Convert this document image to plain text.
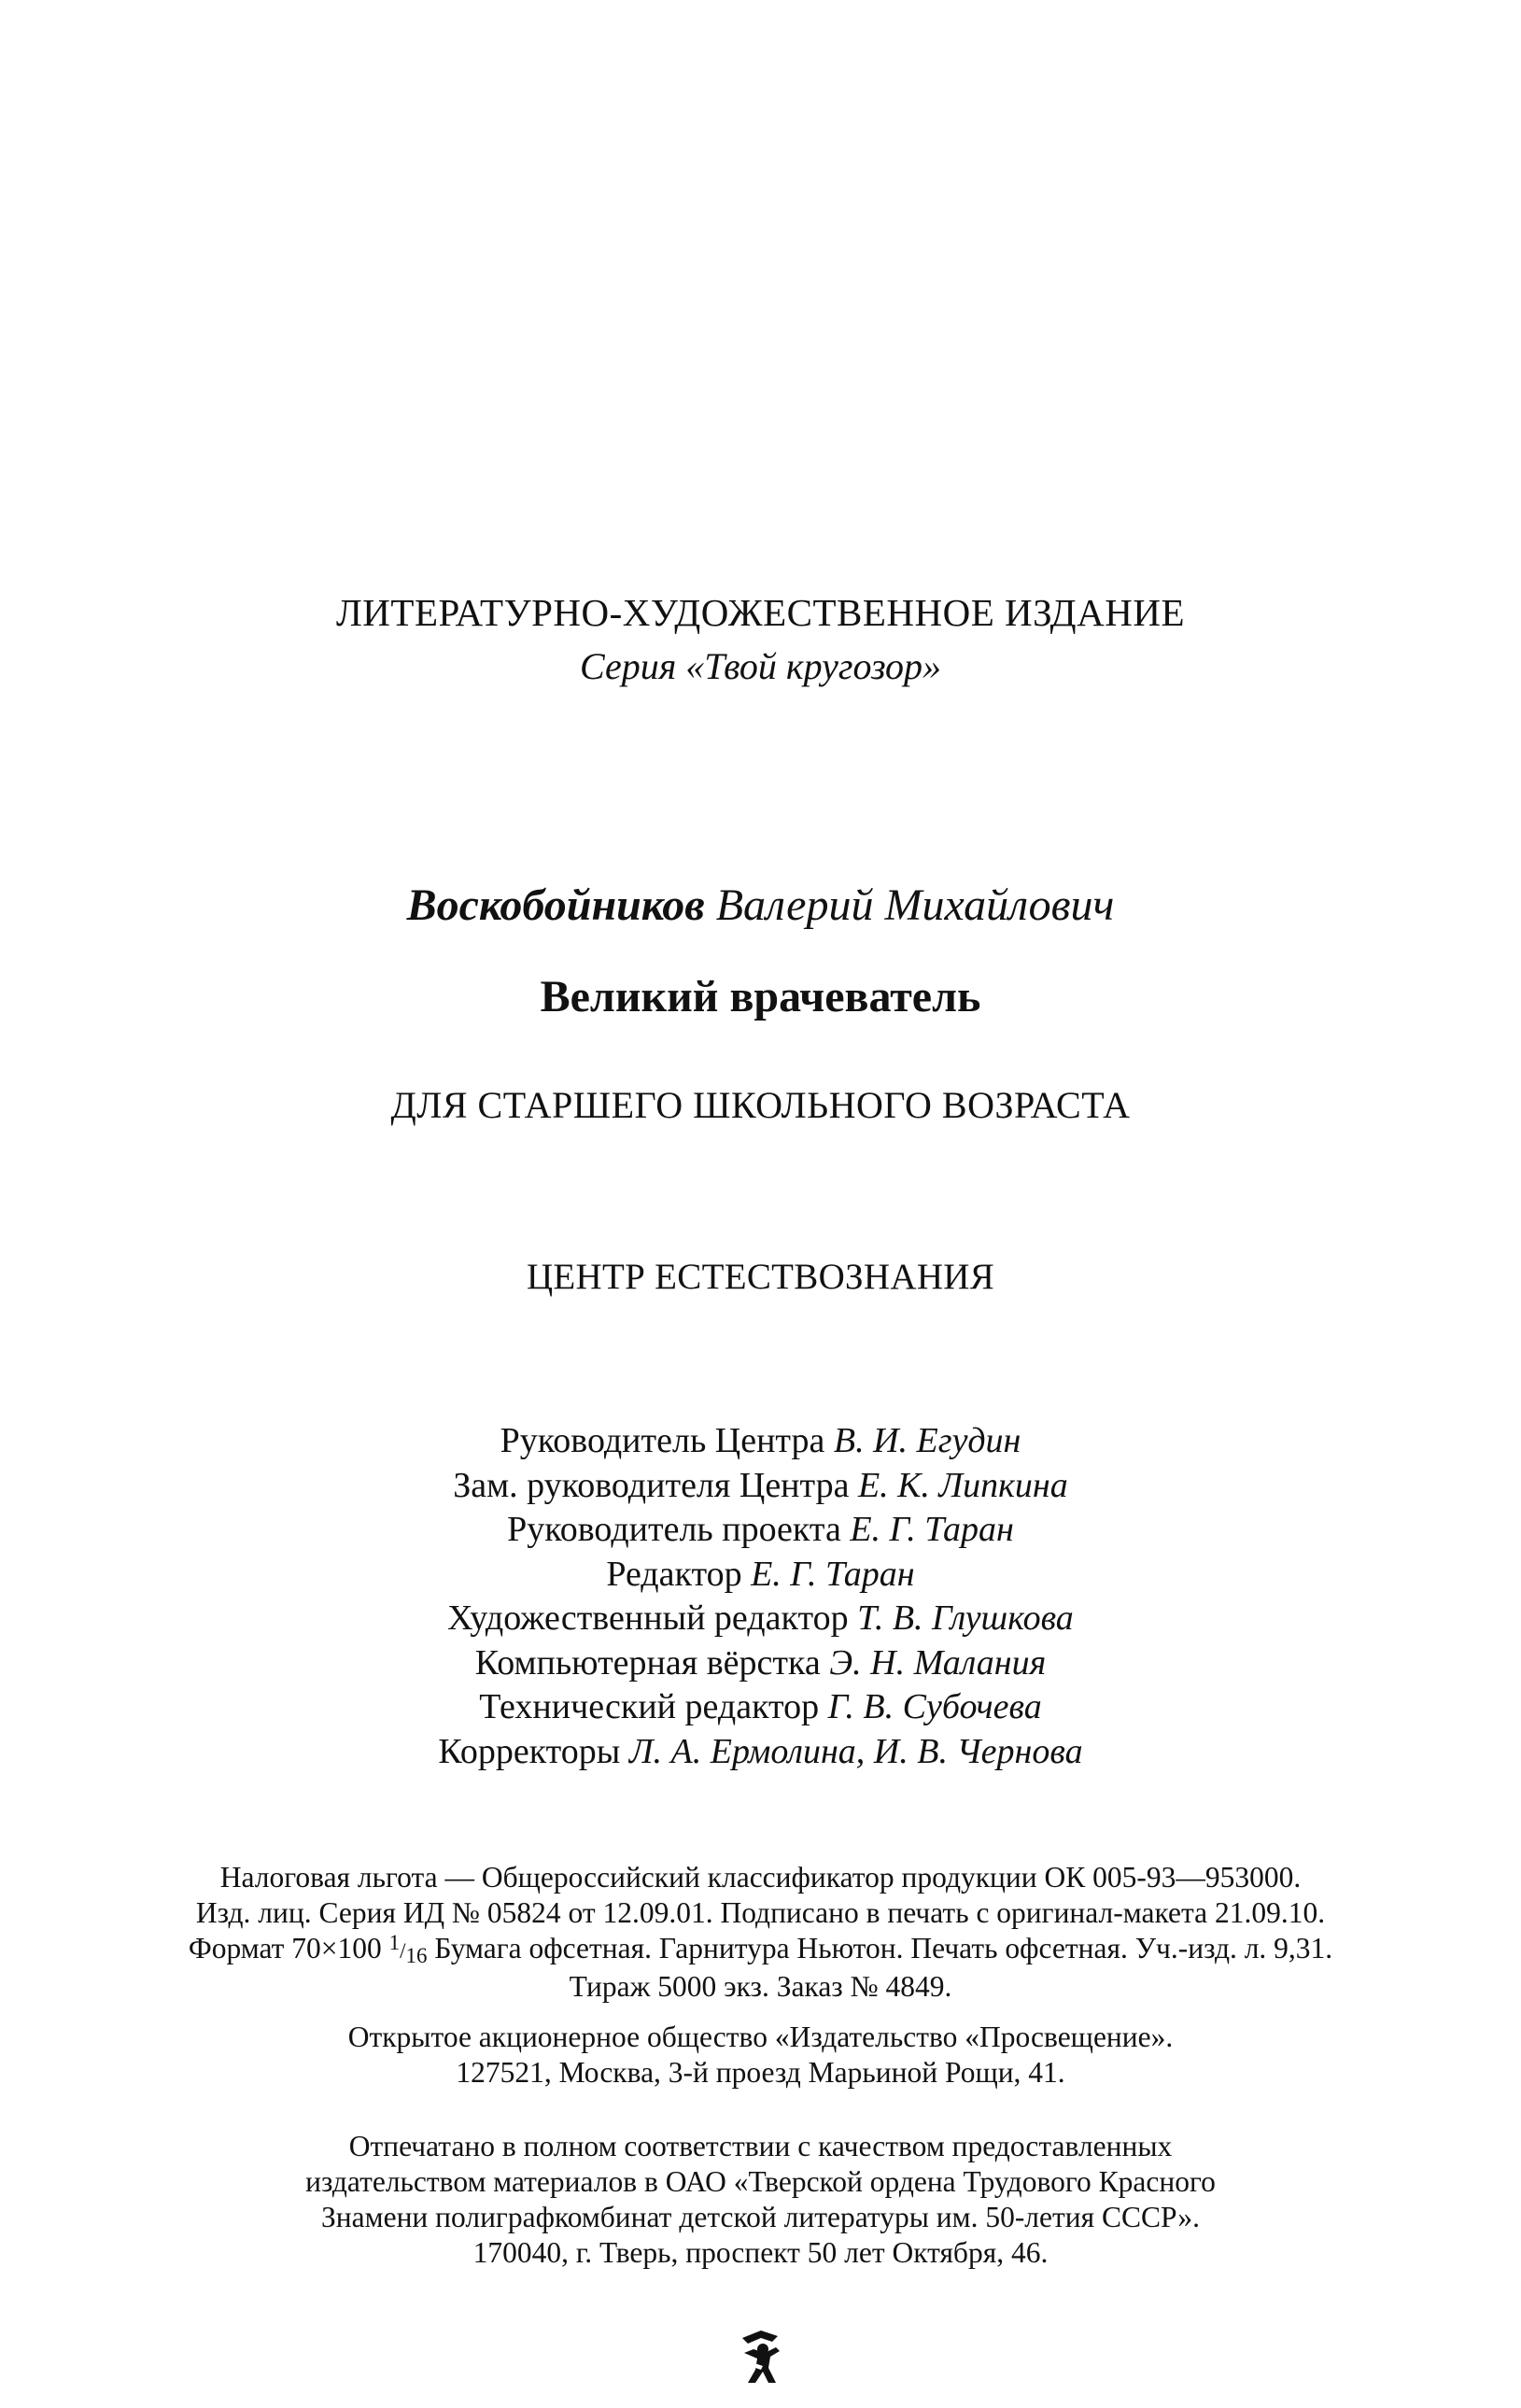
ЛИТЕРАТУРНО-ХУДОЖЕСТВЕННОЕ ИЗДАНИЕ
Серия «Твой кругозор»
Воскобойников Валерий Михайлович
Великий врачеватель
ДЛЯ СТАРШЕГО ШКОЛЬНОГО ВОЗРАСТА
ЦЕНТР ЕСТЕСТВОЗНАНИЯ
Руководитель Центра В. И. Егудин
Зам. руководителя Центра Е. К. Липкина
Руководитель проекта Е. Г. Таран
Редактор Е. Г. Таран
Художественный редактор Т. В. Глушкова
Компьютерная вёрстка Э. Н. Малания
Технический редактор Г. В. Субочева
Корректоры Л. А. Ермолина, И. В. Чернова
Налоговая льгота — Общероссийский классификатор продукции ОК 005-93—953000.
Изд. лиц. Серия ИД № 05824 от 12.09.01. Подписано в печать с оригинал-макета 21.09.10.
Формат 70×100 1/16 Бумага офсетная. Гарнитура Ньютон. Печать офсетная. Уч.-изд. л. 9,31.
Тираж 5000 экз. Заказ № 4849.
Открытое акционерное общество «Издательство «Просвещение».
127521, Москва, 3-й проезд Марьиной Рощи, 41.
Отпечатано в полном соответствии с качеством предоставленных
издательством материалов в ОАО «Тверской ордена Трудового Красного
Знамени полиграфкомбинат детской литературы им. 50-летия СССР».
170040, г. Тверь, проспект 50 лет Октября, 46.
